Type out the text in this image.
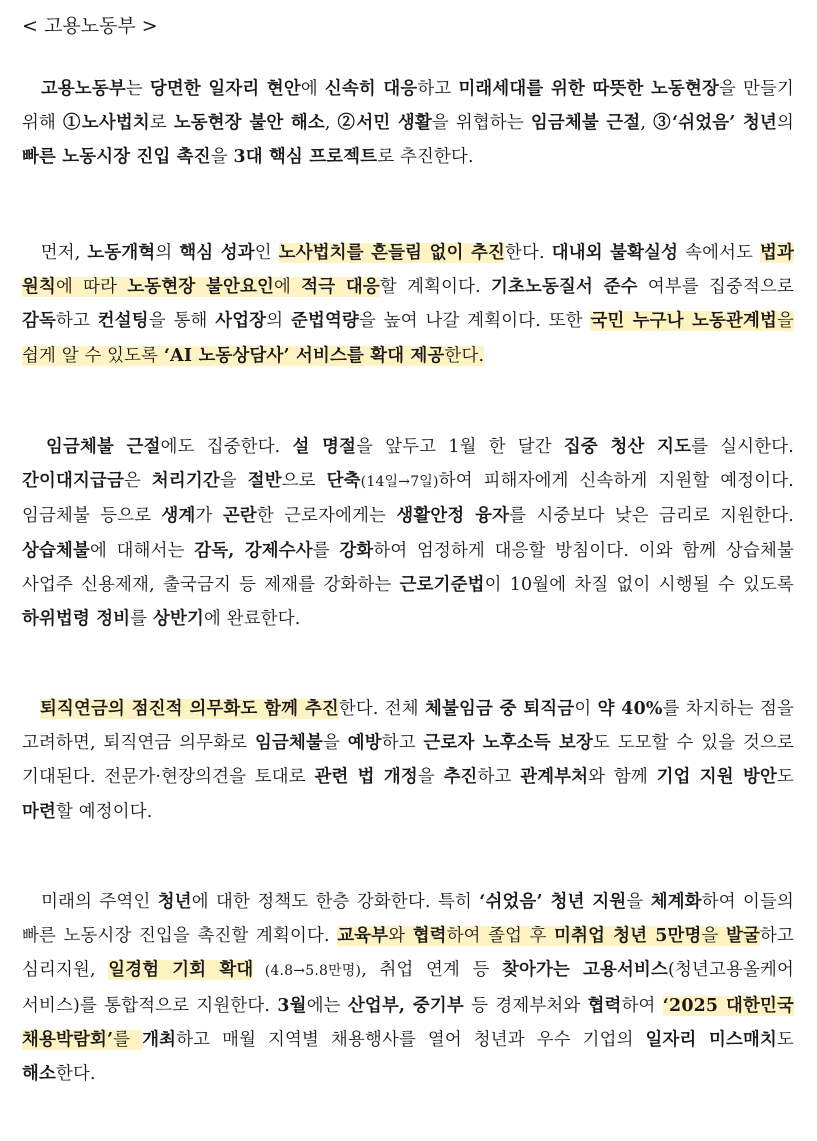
< 고용노동부 >
　고용노동부는 당면한 일자리 현안에 신속히 대응하고 미래세대를 위한 따뜻한 노동현장을 만들기 위해 ①노사법치로 노동현장 불안 해소, ②서민 생활을 위협하는 임금체불 근절, ③‘쉬었음’ 청년의 빠른 노동시장 진입 촉진을 3대 핵심 프로젝트로 추진한다.
　먼저, 노동개혁의 핵심 성과인 노사법치를 흔들림 없이 추진한다. 대내외 불확실성 속에서도 법과 원칙에 따라 노동현장 불안요인에 적극 대응할 계획이다. 기초노동질서 준수 여부를 집중적으로 감독하고 컨설팅을 통해 사업장의 준법역량을 높여 나갈 계획이다. 또한 국민 누구나 노동관계법을 쉽게 알 수 있도록 ‘AI 노동상담사’ 서비스를 확대 제공한다.
　임금체불 근절에도 집중한다. 설 명절을 앞두고 1월 한 달간 집중 청산 지도를 실시한다. 간이대지급금은 처리기간을 절반으로 단축(14일→7일)하여 피해자에게 신속하게 지원할 예정이다. 임금체불 등으로 생계가 곤란한 근로자에게는 생활안정 융자를 시중보다 낮은 금리로 지원한다. 상습체불에 대해서는 감독, 강제수사를 강화하여 엄정하게 대응할 방침이다. 이와 함께 상습체불 사업주 신용제재, 출국금지 등 제재를 강화하는 근로기준법이 10월에 차질 없이 시행될 수 있도록 하위법령 정비를 상반기에 완료한다.
　퇴직연금의 점진적 의무화도 함께 추진한다. 전체 체불임금 중 퇴직금이 약 40%를 차지하는 점을 고려하면, 퇴직연금 의무화로 임금체불을 예방하고 근로자 노후소득 보장도 도모할 수 있을 것으로 기대된다. 전문가·현장의견을 토대로 관련 법 개정을 추진하고 관계부처와 함께 기업 지원 방안도 마련할 예정이다.
　미래의 주역인 청년에 대한 정책도 한층 강화한다. 특히 ‘쉬었음’ 청년 지원을 체계화하여 이들의 빠른 노동시장 진입을 촉진할 계획이다. 교육부와 협력하여 졸업 후 미취업 청년 5만명을 발굴하고 심리지원, 일경험 기회 확대 (4.8→5.8만명), 취업 연계 등 찾아가는 고용서비스(청년고용올케어 서비스)를 통합적으로 지원한다. 3월에는 산업부, 중기부 등 경제부처와 협력하여 ‘2025 대한민국 채용박람회’를 개최하고 매월 지역별 채용행사를 열어 청년과 우수 기업의 일자리 미스매치도 해소한다.
